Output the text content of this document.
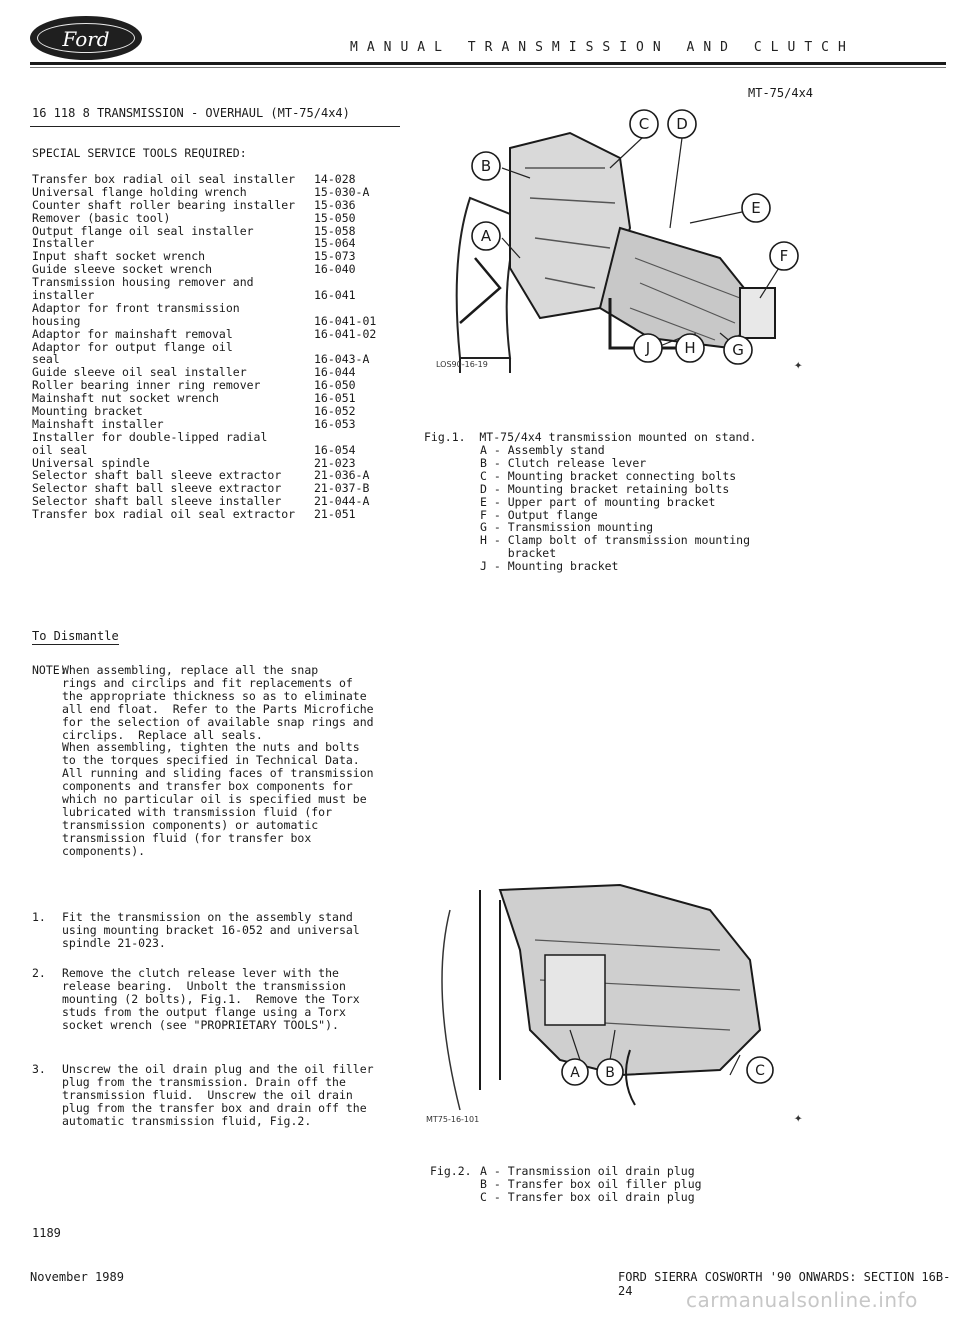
Ford	MANUAL TRANSMISSION AND CLUTCH
MT-75/4x4
16 118 8 TRANSMISSION - OVERHAUL (MT-75/4x4)
SPECIAL SERVICE TOOLS REQUIRED:
Transfer box radial oil seal installer 14-028
Universal flange holding wrench	15-030-A
Counter shaft roller bearing installer 15-036
Remover (basic tool)	15-050
Output flange oil seal installer	15-058
Installer	15-064
Input shaft socket wrench	15-073
Guide sleeve socket wrench	16-040
Transmission housing remover and
installer	16-041
Adaptor for front transmission
housing	16-041-01
Adaptor for mainshaft removal	16-041-02
Adaptor for output flange oil
seal	16-043-A
Guide sleeve oil seal installer	16-044
Roller bearing inner ring remover	16-050
Mainshaft nut socket wrench	16-051
Mounting bracket	16-052
Mainshaft installer	16-053
Installer for double-lipped radial
oil seal	16-054
Universal spindle	21-023
Selector shaft ball sleeve extractor	21-036-A
Selector shaft ball sleeve extractor	21-037-B
Selector shaft ball sleeve installer	21-044-A
Transfer box radial oil seal extractor 21-051
To Dismantle
NOTE:
When assembling, replace all the snap
rings and circlips and fit replacements of
the appropriate thickness so as to eliminate
all end float.  Refer to the Parts Microfiche
for the selection of available snap rings and
circlips.  Replace all seals.
When assembling, tighten the nuts and bolts
to the torques specified in Technical Data.
All running and sliding faces of transmission
components and transfer box components for
which no particular oil is specified must be
lubricated with transmission fluid (for
transmission components) or automatic
transmission fluid (for transfer box
components).
1. Fit the transmission on the assembly stand
using mounting bracket 16-052 and universal
spindle 21-023.
2. Remove the clutch release lever with the
release bearing.  Unbolt the transmission
mounting (2 bolts), Fig.1.  Remove the Torx
studs from the output flange using a Torx
socket wrench (see "PROPRIETARY TOOLS").
3. Unscrew the oil drain plug and the oil filler
plug from the transmission. Drain off the
transmission fluid.  Unscrew the oil drain
plug from the transfer box and drain off the
automatic transmission fluid, Fig.2.
B
A
C D
E
F
J H G
LOS90-16-19	✦
Fig.1.  MT-75/4x4 transmission mounted on stand.
A - Assembly stand
B - Clutch release lever
C - Mounting bracket connecting bolts
D - Mounting bracket retaining bolts
E - Upper part of mounting bracket
F - Output flange
G - Transmission mounting
H - Clamp bolt of transmission mounting
bracket
J - Mounting bracket
A B	C
MT75-16-101	✦
Fig.2. A - Transmission oil drain plug
B - Transfer box oil filler plug
C - Transfer box oil drain plug
1189
November 1989	FORD SIERRA COSWORTH '90 ONWARDS: SECTION 16B-24	carmanualsonline.info
